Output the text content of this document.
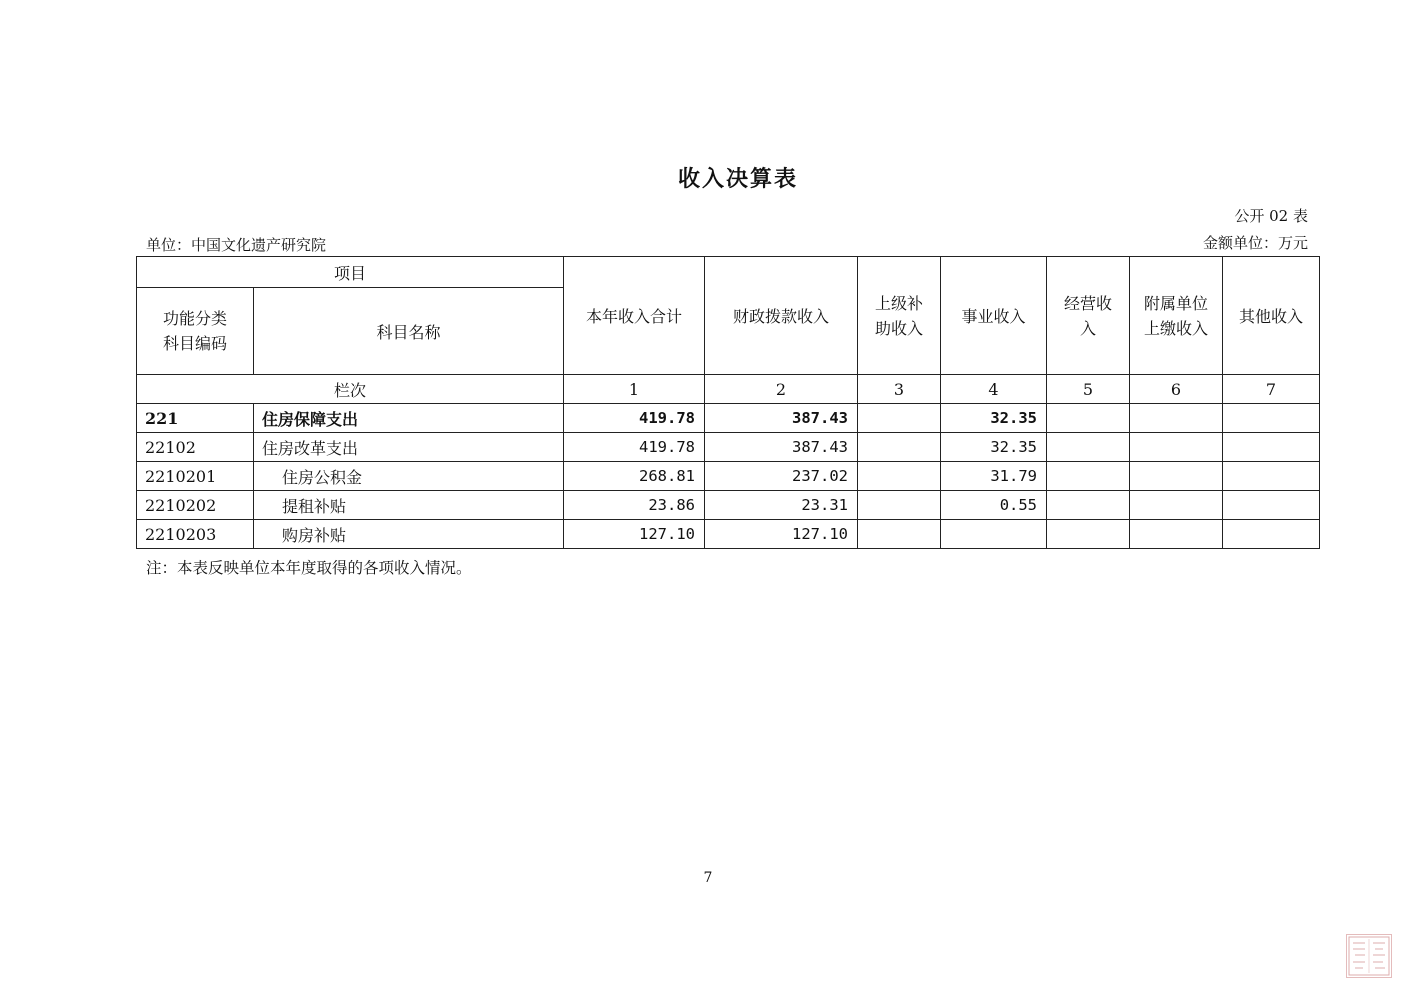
收入决算表
公开 02 表
单位：中国文化遗产研究院	金额单位：万元
项目		本年收入合计	财政拨款收入	上级补助收入	事业收入	经营收入	附属单位上缴收入	其他收入
功能分类科目编码	科目名称							
栏次		1	2	3	4	5	6	7
221	住房保障支出	419.78	387.43		32.35			
22102	住房改革支出	419.78	387.43		32.35			
2210201	住房公积金	268.81	237.02		31.79			
2210202	提租补贴	23.86	23.31		0.55			
2210203	购房补贴	127.10	127.10					
注：本表反映单位本年度取得的各项收入情况。
7
